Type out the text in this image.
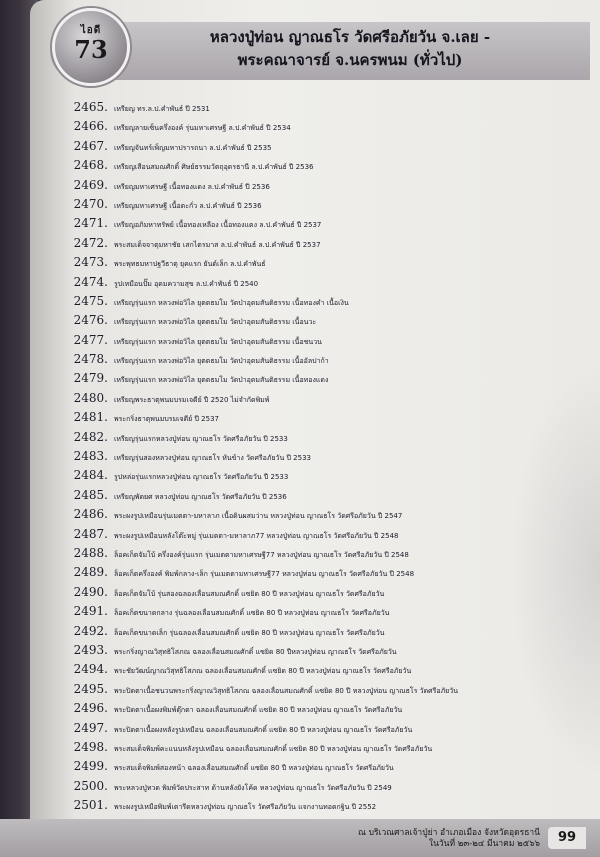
ไอดี
73	หลวงปู่ท่อน ญาณธโร วัดศรีอภัยวัน จ.เลย -
พระคณาจารย์ จ.นครพนม (ทั่วไป)
2465. เหรียญ ทร.ล.ป.คำพันธ์ ปี 2531
2466. เหรียญลายเซ็นครึ่งองค์ รุ่นมหาเศรษฐี ล.ป.คำพันธ์ ปี 2534
2467. เหรียญจันทร์เพ็ญมหาปรารถนา ล.ป.คำพันธ์ ปี 2535
2468. เหรียญเสือนสมณศักดิ์ ศิษย์ธรรมวัตถุอุดรธานี ล.ป.คำพันธ์ ปี 2536
2469. เหรียญมหาเศรษฐี เนื้อทองแดง ล.ป.คำพันธ์ ปี 2536
2470. เหรียญมหาเศรษฐี เนื้อตะกั่ว ล.ป.คำพันธ์ ปี 2536
2471. เหรียญอภิมหาทรัพย์ เนื้อทองเหลือง เนื้อทองแดง ล.ป.คำพันธ์ ปี 2537
2472. พระสมเด็จจาตุมหาชัย เสกไตรมาส ล.ป.คำพันธ์ ล.ป.คำพันธ์ ปี 2537
2473. พระพุทธมหาปฐวีธาตุ ยุคแรก ยันต์เล็ก ล.ป.คำพันธ์
2474. รูปเหมือนปั๊ม อุดมความสุข ล.ป.คำพันธ์ ปี 2540
2475. เหรียญรุ่นแรก หลวงพ่อวิไล ยุตตธมโม วัดป่าอุดมสันติธรรม เนื้อทองคำ เนื้อเงิน
2476. เหรียญรุ่นแรก หลวงพ่อวิไล ยุตตธมโม วัดป่าอุดมสันติธรรม เนื้อนวะ
2477. เหรียญรุ่นแรก หลวงพ่อวิไล ยุตตธมโม วัดป่าอุดมสันติธรรม เนื้อชนวน
2478. เหรียญรุ่นแรก หลวงพ่อวิไล ยุตตธมโม วัดป่าอุดมสันติธรรม เนื้ออัลปาก้า
2479. เหรียญรุ่นแรก หลวงพ่อวิไล ยุตตธมโม วัดป่าอุดมสันติธรรม เนื้อทองแดง
2480. เหรียญพระธาตุพนมบรมเจดีย์ ปี 2520 ไม่จำกัดพิมพ์
2481. พระกริ่งธาตุพนมบรมเจดีย์ ปี 2537
2482. เหรียญรุ่นแรกหลวงปู่ท่อน ญาณธโร วัดศรีอภัยวัน ปี 2533
2483. เหรียญรุ่นสองหลวงปู่ท่อน ญาณธโร หันข้าง วัดศรีอภัยวัน ปี 2533
2484. รูปหล่อรุ่นแรกหลวงปู่ท่อน ญาณธโร วัดศรีอภัยวัน ปี 2533
2485. เหรียญพัดยศ หลวงปู่ท่อน ญาณธโร วัดศรีอภัยวัน ปี 2536
2486. พระผงรูปเหมือนรุ่นเมตตา-มหาลาภ เนื้อดินผสมว่าน หลวงปู่ท่อน ญาณธโร วัดศรีอภัยวัน ปี 2547
2487. พระผงรูปเหมือนหลังโต๊ะหมู่ รุ่นเมตตา-มหาลาภ77 หลวงปู่ท่อน ญาณธโร วัดศรีอภัยวัน ปี 2548
2488. ล็อคเก็ตจัมโบ้ ครึ่งองค์รุ่นแรก รุ่นเมตตามหาเศรษฐี77 หลวงปู่ท่อน ญาณธโร วัดศรีอภัยวัน ปี 2548
2489. ล็อคเก็ตครึ่งองค์ พิมพ์กลาง-เล็ก รุ่นเมตตามหาเศรษฐี77 หลวงปู่ท่อน ญาณธโร วัดศรีอภัยวัน ปี 2548
2490. ล็อคเก็ตจัมโบ้ รุ่นสองฉลองเลื่อนสมณศักดิ์ แซยิด 80 ปี หลวงปู่ท่อน ญาณธโร วัดศรีอภัยวัน
2491. ล็อคเก็ตขนาดกลาง รุ่นฉลองเลื่อนสมณศักดิ์ แซยิด 80 ปี หลวงปู่ท่อน ญาณธโร วัดศรีอภัยวัน
2492. ล็อคเก็ตขนาดเล็ก รุ่นฉลองเลื่อนสมณศักดิ์ แซยิด 80 ปี หลวงปู่ท่อน ญาณธโร วัดศรีอภัยวัน
2493. พระกริ่งญาณวิสุทธิโสภณ ฉลองเลื่อนสมณศักดิ์ แซยิด 80 ปีหลวงปู่ท่อน ญาณธโร วัดศรีอภัยวัน
2494. พระชัยวัฒน์ญาณวิสุทธิโสภณ ฉลองเลื่อนสมณศักดิ์ แซยิด 80 ปี หลวงปู่ท่อน ญาณธโร วัดศรีอภัยวัน
2495. พระปิดตาเนื้อชนวนพระกริ่งญาณวิสุทธิโสภณ ฉลองเลื่อนสมณศักดิ์ แซยิด 80 ปี หลวงปู่ท่อน ญาณธโร วัดศรีอภัยวัน
2496. พระปิดตาเนื้อผงพิมพ์ตุ๊กตา ฉลองเลื่อนสมณศักดิ์ แซยิด 80 ปี หลวงปู่ท่อน ญาณธโร วัดศรีอภัยวัน
2497. พระปิดตาเนื้อผงหลังรูปเหมือน ฉลองเลื่อนสมณศักดิ์ แซยิด 80 ปี หลวงปู่ท่อน ญาณธโร วัดศรีอภัยวัน
2498. พระสมเด็จพิมพ์คะแนนหลังรูปเหมือน ฉลองเลื่อนสมณศักดิ์ แซยิด 80 ปี หลวงปู่ท่อน ญาณธโร วัดศรีอภัยวัน
2499. พระสมเด็จพิมพ์สองหน้า ฉลองเลื่อนสมณศักดิ์ แซยิด 80 ปี หลวงปู่ท่อน ญาณธโร วัดศรีอภัยวัน
2500. พระหลวงปู่ทวด พิมพ์วัดประสาท ด้านหลังยังโค้ด หลวงปู่ท่อน ญาณธโร วัดศรีอภัยวัน ปี 2549
2501. พระผงรูปเหมือพิมพ์เตารีดหลวงปู่ท่อน ญาณธโร วัดศรีอภัยวัน แจกงานทอดกฐิน ปี 2552
ณ บริเวณศาลเจ้าปู่ย่า อำเภอเมือง จังหวัดอุดรธานี
ในวันที่ ๒๓-๒๔ มีนาคม ๒๕๖๖	99
